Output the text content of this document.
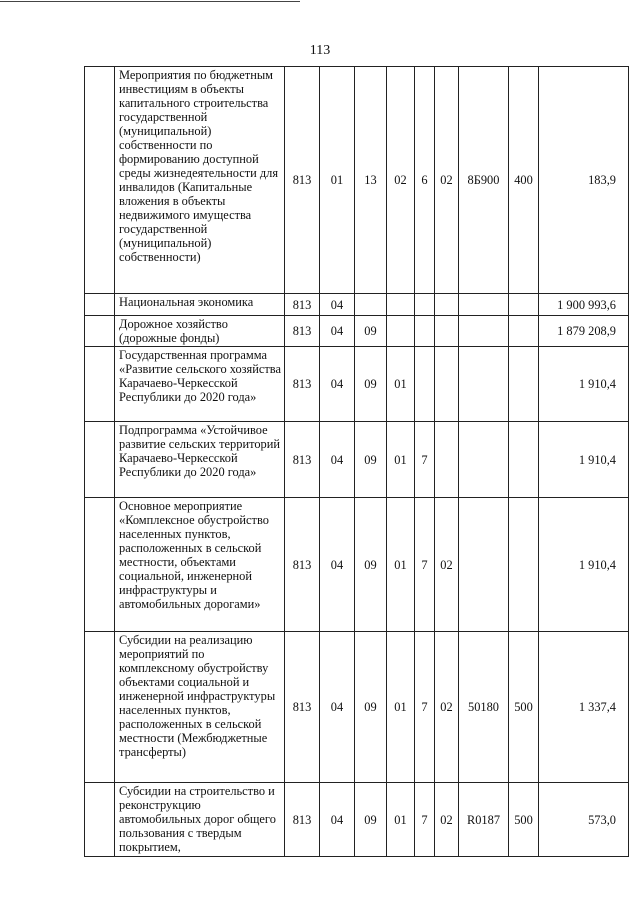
113
	Мероприятия по бюджетным инвестициям в объекты капитального строительства государственной (муниципальной) собственности по формированию доступной среды жизнедеятельности для инвалидов (Капитальные вложения в объекты недвижимого имущества государственной (муниципальной) собственности)	813	01	13	02	6	02	8Б900	400	183,9
	Национальная экономика	813	04							1 900 993,6
	Дорожное хозяйство (дорожные фонды)	813	04	09						1 879 208,9
	Государственная программа «Развитие сельского хозяйства Карачаево-Черкесской Республики до 2020 года»	813	04	09	01					1 910,4
	Подпрограмма «Устойчивое развитие сельских территорий Карачаево-Черкесской Республики до 2020 года»	813	04	09	01	7				1 910,4
	Основное мероприятие «Комплексное обустройство населенных пунктов, расположенных в сельской местности, объектами социальной, инженерной инфраструктуры и автомобильных дорогами»	813	04	09	01	7	02			1 910,4
	Субсидии на реализацию мероприятий по комплексному обустройству объектами социальной и инженерной инфраструктуры населенных пунктов, расположенных в сельской местности (Межбюджетные трансферты)	813	04	09	01	7	02	50180	500	1 337,4
	Субсидии на строительство и реконструкцию автомобильных дорог общего пользования с твердым покрытием,	813	04	09	01	7	02	R0187	500	573,0
